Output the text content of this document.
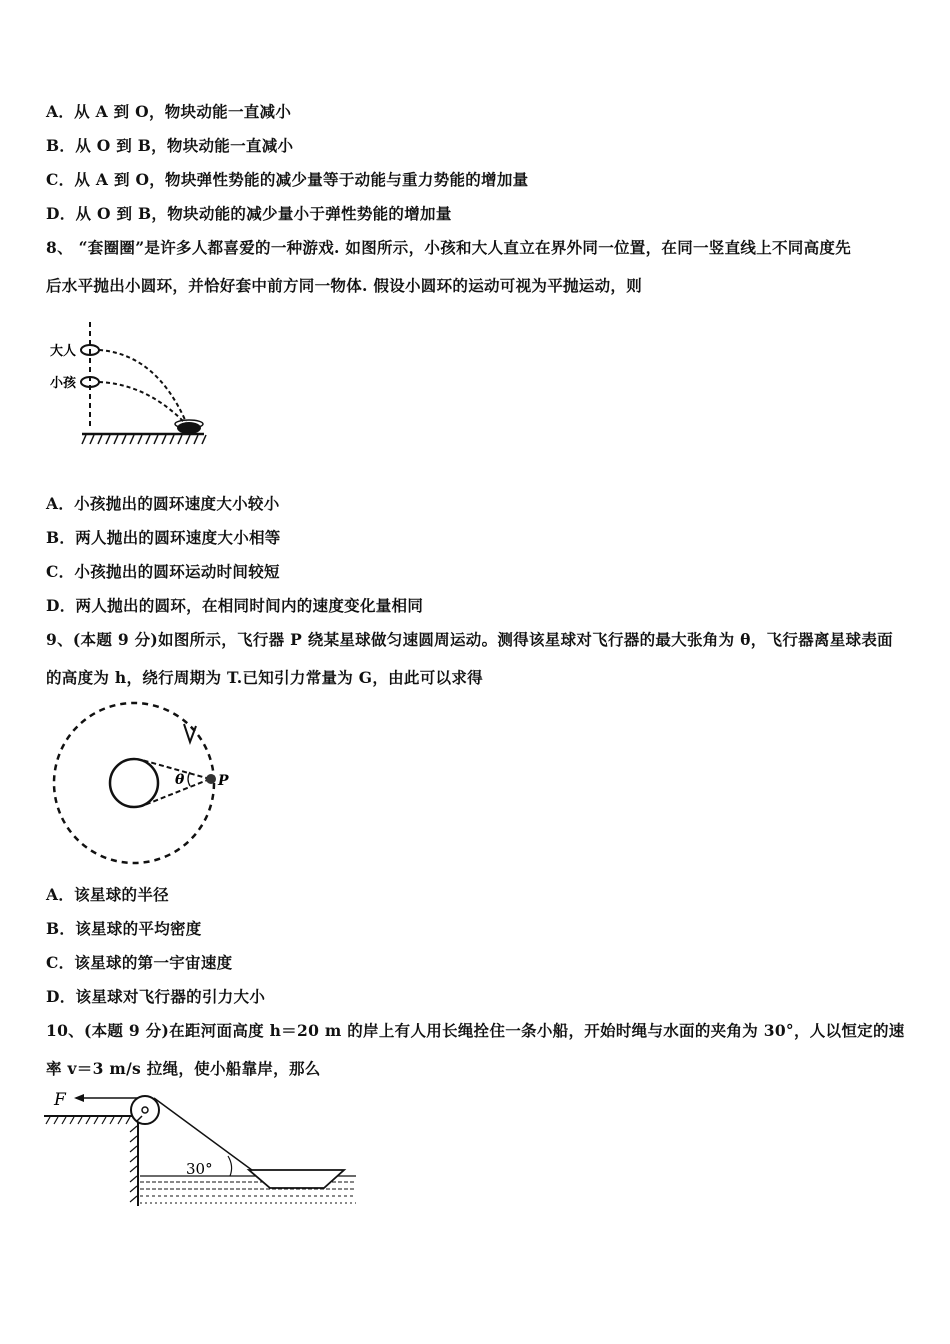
A．从 A 到 O，物块动能一直减小
B．从 O 到 B，物块动能一直减小
C．从 A 到 O，物块弹性势能的减少量等于动能与重力势能的增加量
D．从 O 到 B，物块动能的减少量小于弹性势能的增加量
8、 “套圈圈”是许多人都喜爱的一种游戏. 如图所示，小孩和大人直立在界外同一位置，在同一竖直线上不同高度先
后水平抛出小圆环，并恰好套中前方同一物体. 假设小圆环的运动可视为平抛运动，则
大人
小孩
A．小孩抛出的圆环速度大小较小
B．两人抛出的圆环速度大小相等
C．小孩抛出的圆环运动时间较短
D．两人抛出的圆环，在相同时间内的速度变化量相同
9、(本题 9 分)如图所示，飞行器 P 绕某星球做匀速圆周运动。测得该星球对飞行器的最大张角为 θ，飞行器离星球表面
的高度为 h，绕行周期为 T.已知引力常量为 G，由此可以求得
θ P
A．该星球的半径
B．该星球的平均密度
C．该星球的第一宇宙速度
D．该星球对飞行器的引力大小
10、(本题 9 分)在距河面高度 h＝20 m 的岸上有人用长绳拴住一条小船，开始时绳与水面的夹角为 30°，人以恒定的速
率 v＝3 m/s 拉绳，使小船靠岸，那么
F
30°
